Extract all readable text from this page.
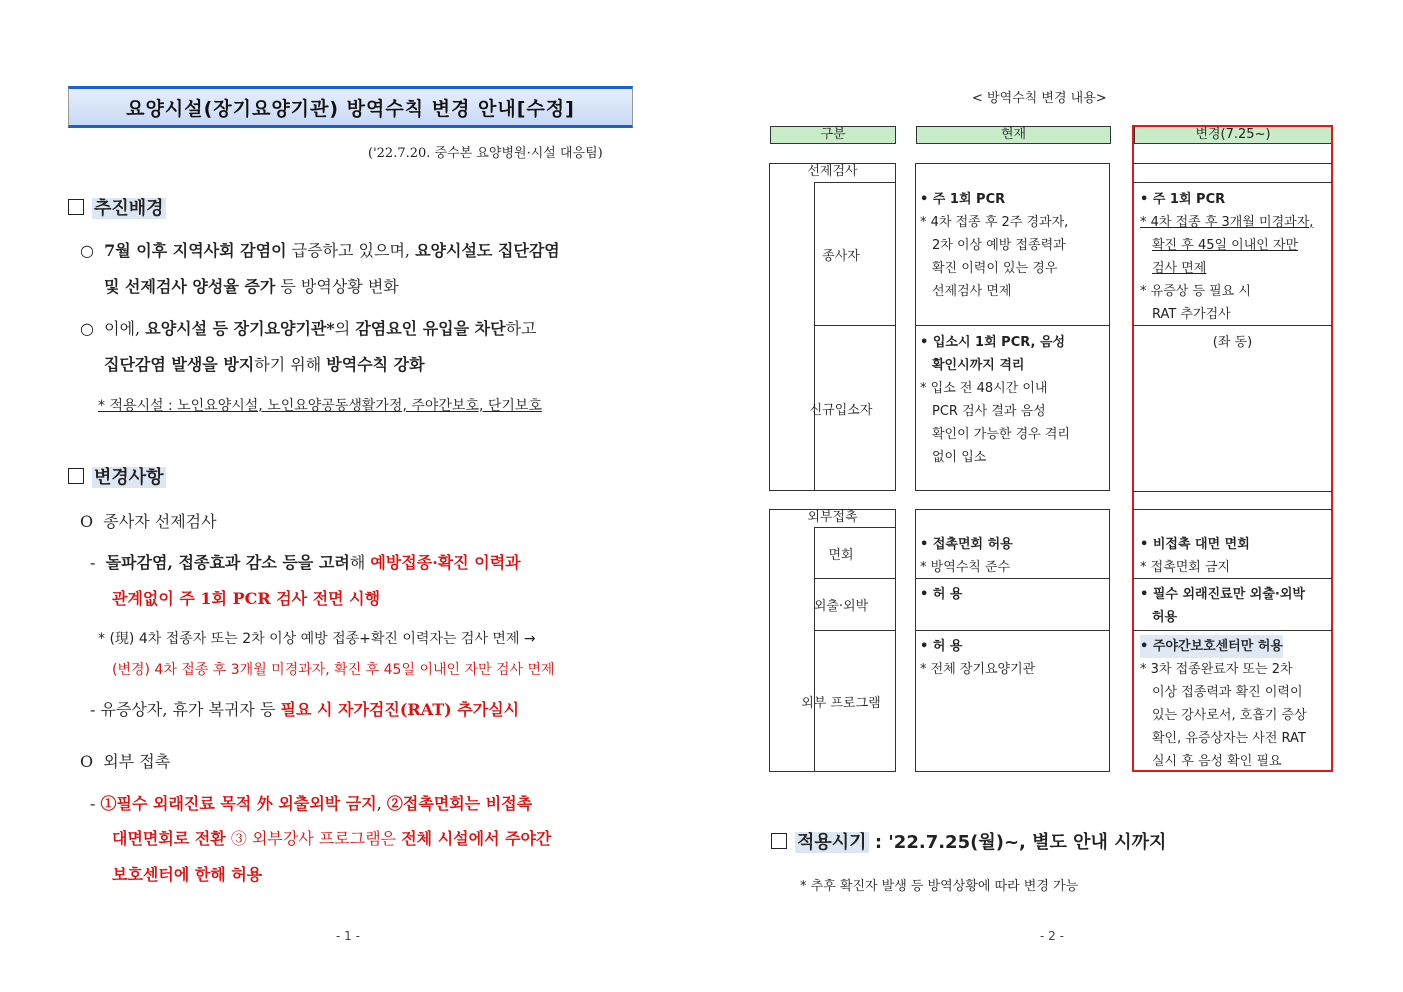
요양시설(장기요양기관) 방역수칙 변경 안내[수정]
('22.7.20. 중수본 요양병원·시설 대응팀)
추진배경
○  7월 이후 지역사회 감염이 급증하고 있으며, 요양시설도 집단감염
및 선제검사 양성율 증가 등 방역상황 변화
○  이에, 요양시설 등 장기요양기관*의 감염요인 유입을 차단하고
집단감염 발생을 방지하기 위해 방역수칙 강화
* 적용시설 : 노인요양시설, 노인요양공동생활가정, 주야간보호, 단기보호
변경사항
O  종사자 선제검사
-  돌파감염, 접종효과 감소 등을 고려해 예방접종·확진 이력과
관계없이 주 1회 PCR 검사 전면 시행
* (現) 4차 접종자 또는 2차 이상 예방 접종+확진 이력자는 검사 면제 →
(변경) 4차 접종 후 3개월 미경과자, 확진 후 45일 이내인 자만 검사 면제
- 유증상자, 휴가 복귀자 등 필요 시 자가검진(RAT) 추가실시
O  외부 접촉
- ①필수 외래진료 목적 外 외출외박 금지, ②접촉면회는 비접촉
대면면회로 전환 ③ 외부강사 프로그램은 전체 시설에서 주야간
보호센터에 한해 허용
- 1 -
< 방역수칙 변경 내용>
구분	현재	변경(7.25~)
선제검사
종사자
신규입소자
• 주 1회 PCR
* 4차 접종 후 2주 경과자,
2차 이상 예방 접종력과
확진 이력이 있는 경우
선제검사 면제
• 입소시 1회 PCR, 음성
확인시까지 격리
* 입소 전 48시간 이내
PCR 검사 결과 음성
확인이 가능한 경우 격리
없이 입소
• 주 1회 PCR
* 4차 접종 후 3개월 미경과자,
확진 후 45일 이내인 자만
검사 면제
* 유증상 등 필요 시
RAT 추가검사
(좌 동)
외부접촉
면회
외출·외박
외부 프로그램
• 접촉면회 허용
* 방역수칙 준수
• 허 용
• 허 용
* 전체 장기요양기관
• 비접촉 대면 면회
* 접촉면회 금지
• 필수 외래진료만 외출·외박
허용
• 주야간보호센터만 허용
* 3차 접종완료자 또는 2차
이상 접종력과 확진 이력이
있는 강사로서, 호흡기 증상
확인, 유증상자는 사전 RAT
실시 후 음성 확인 필요
적용시기 : '22.7.25(월)~, 별도 안내 시까지
* 추후 확진자 발생 등 방역상황에 따라 변경 가능
- 2 -
